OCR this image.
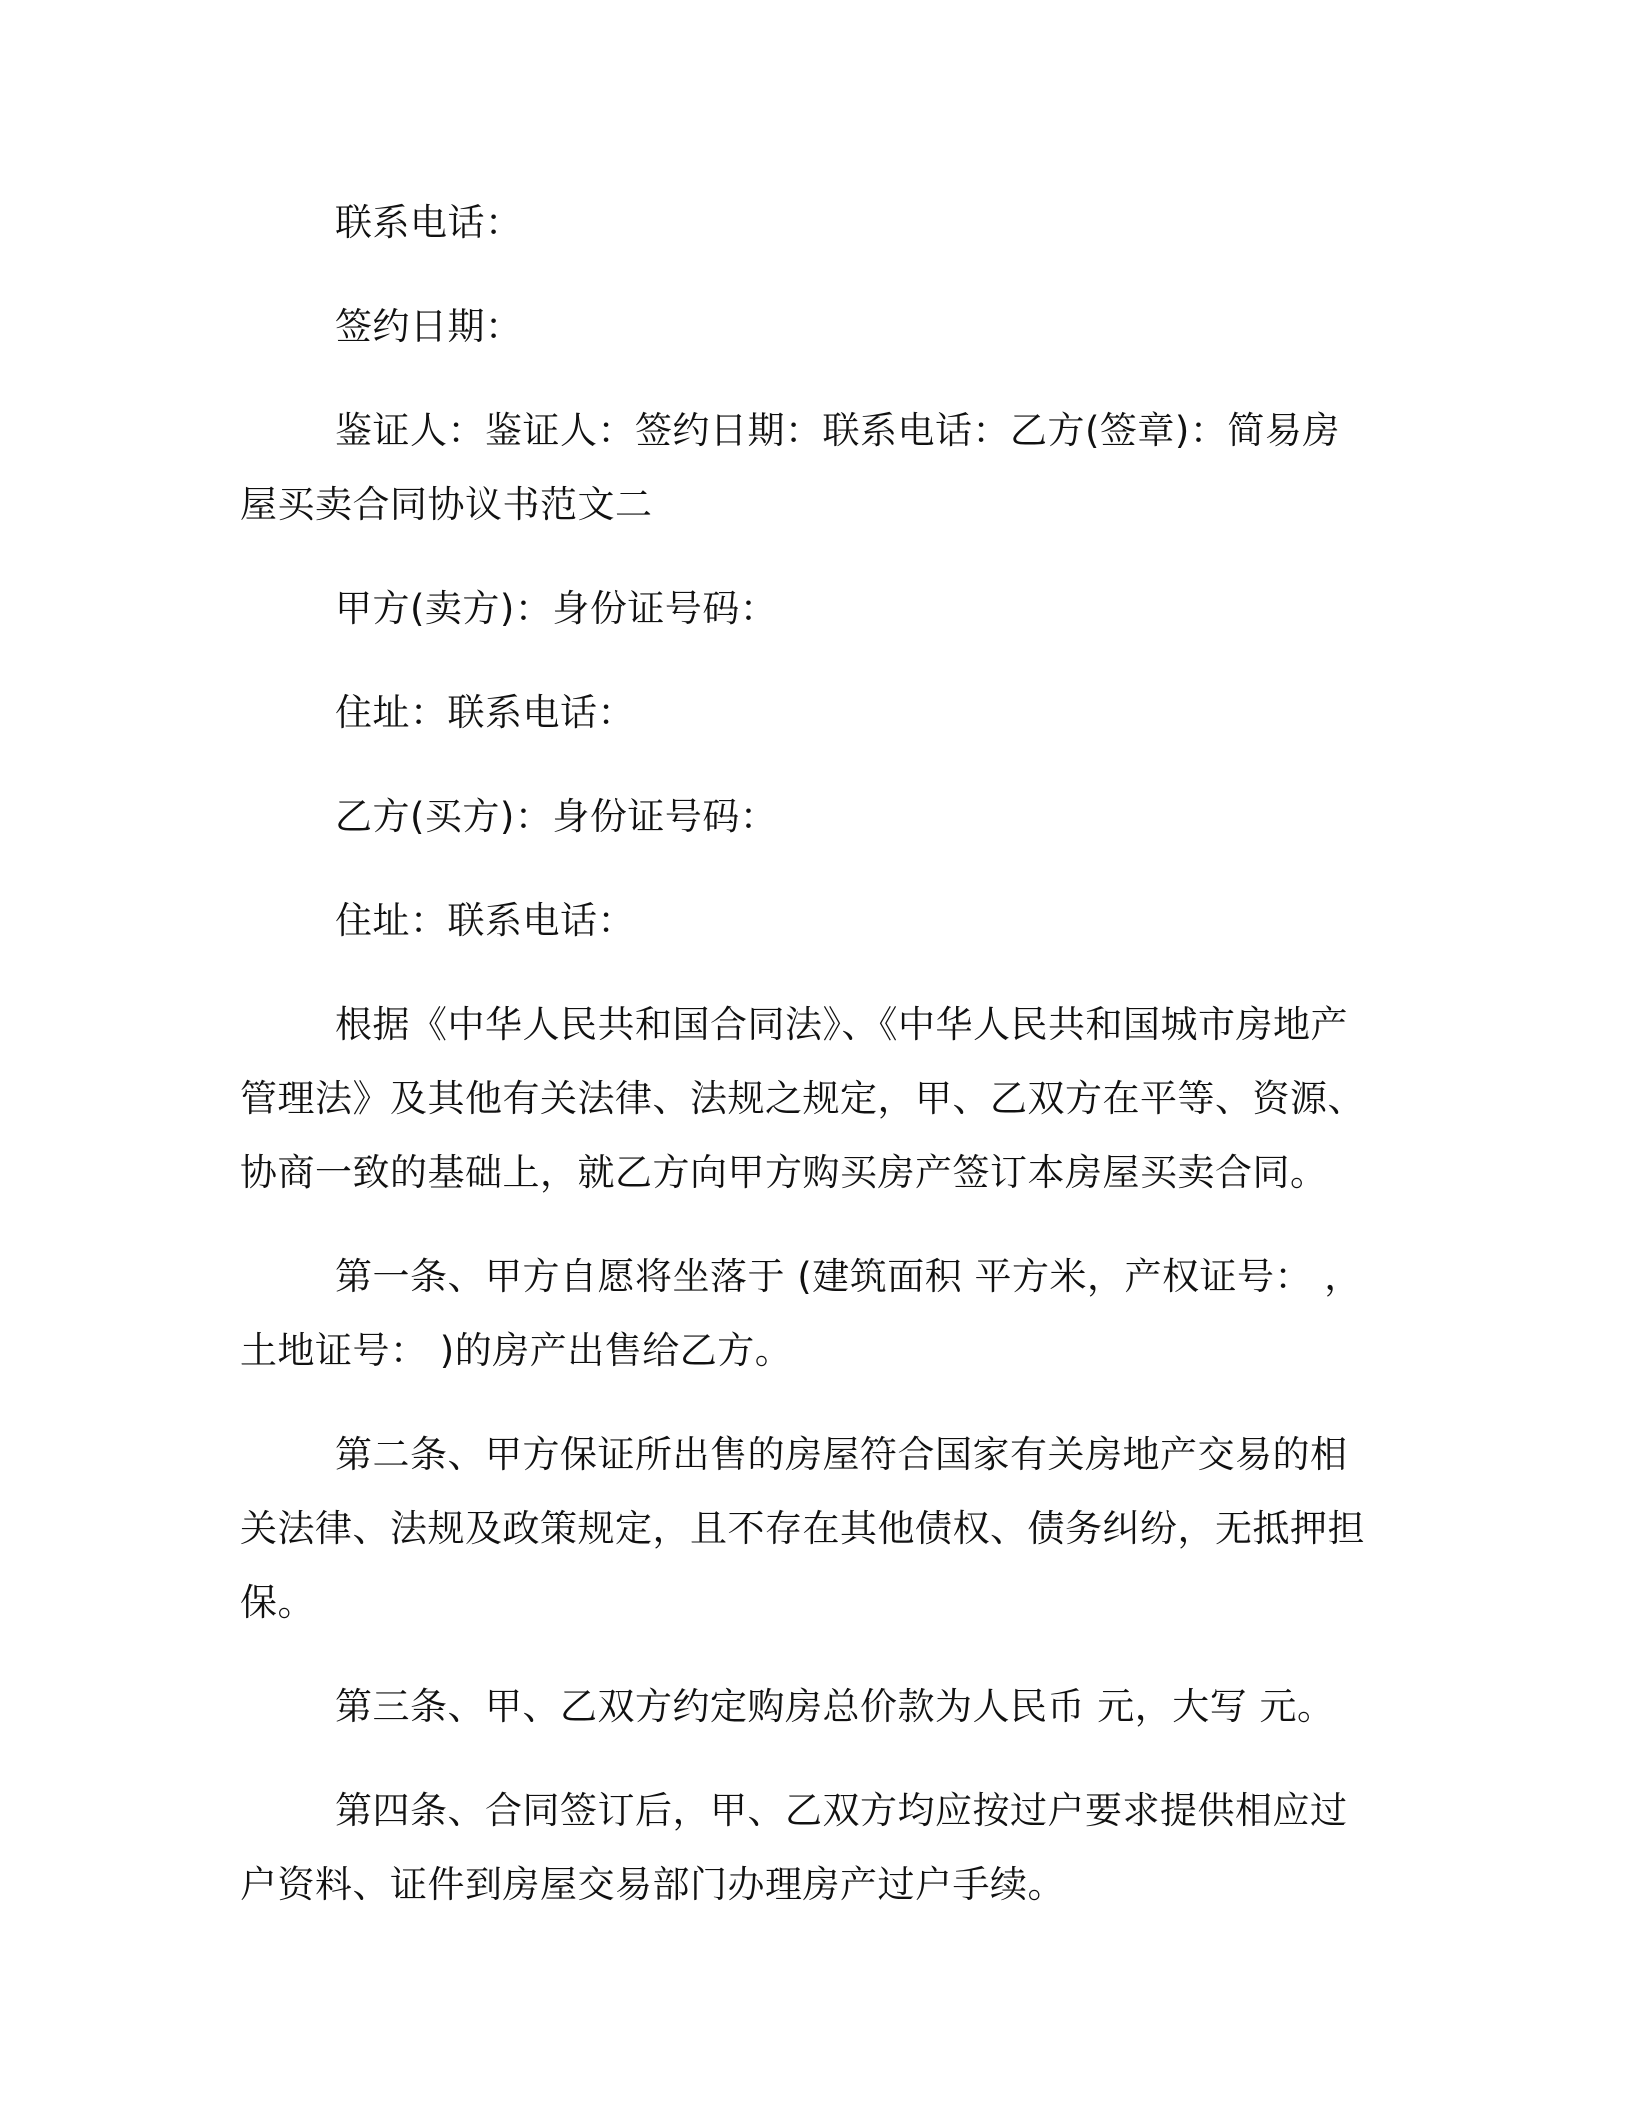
联系电话：

签约日期：

鉴证人：鉴证人：签约日期：联系电话：乙方(签章)：简易房屋买卖合同协议书范文二

甲方(卖方)：身份证号码：

住址：联系电话：

乙方(买方)：身份证号码：

住址：联系电话：

根据《中华人民共和国合同法》、《中华人民共和国城市房地产管理法》及其他有关法律、法规之规定，甲、乙双方在平等、资源、协商一致的基础上，就乙方向甲方购买房产签订本房屋买卖合同。

第一条、甲方自愿将坐落于 (建筑面积 平方米，产权证号： ，土地证号： )的房产出售给乙方。

第二条、甲方保证所出售的房屋符合国家有关房地产交易的相关法律、法规及政策规定，且不存在其他债权、债务纠纷，无抵押担保。

第三条、甲、乙双方约定购房总价款为人民币 元，大写 元。

第四条、合同签订后，甲、乙双方均应按过户要求提供相应过户资料、证件到房屋交易部门办理房产过户手续。
